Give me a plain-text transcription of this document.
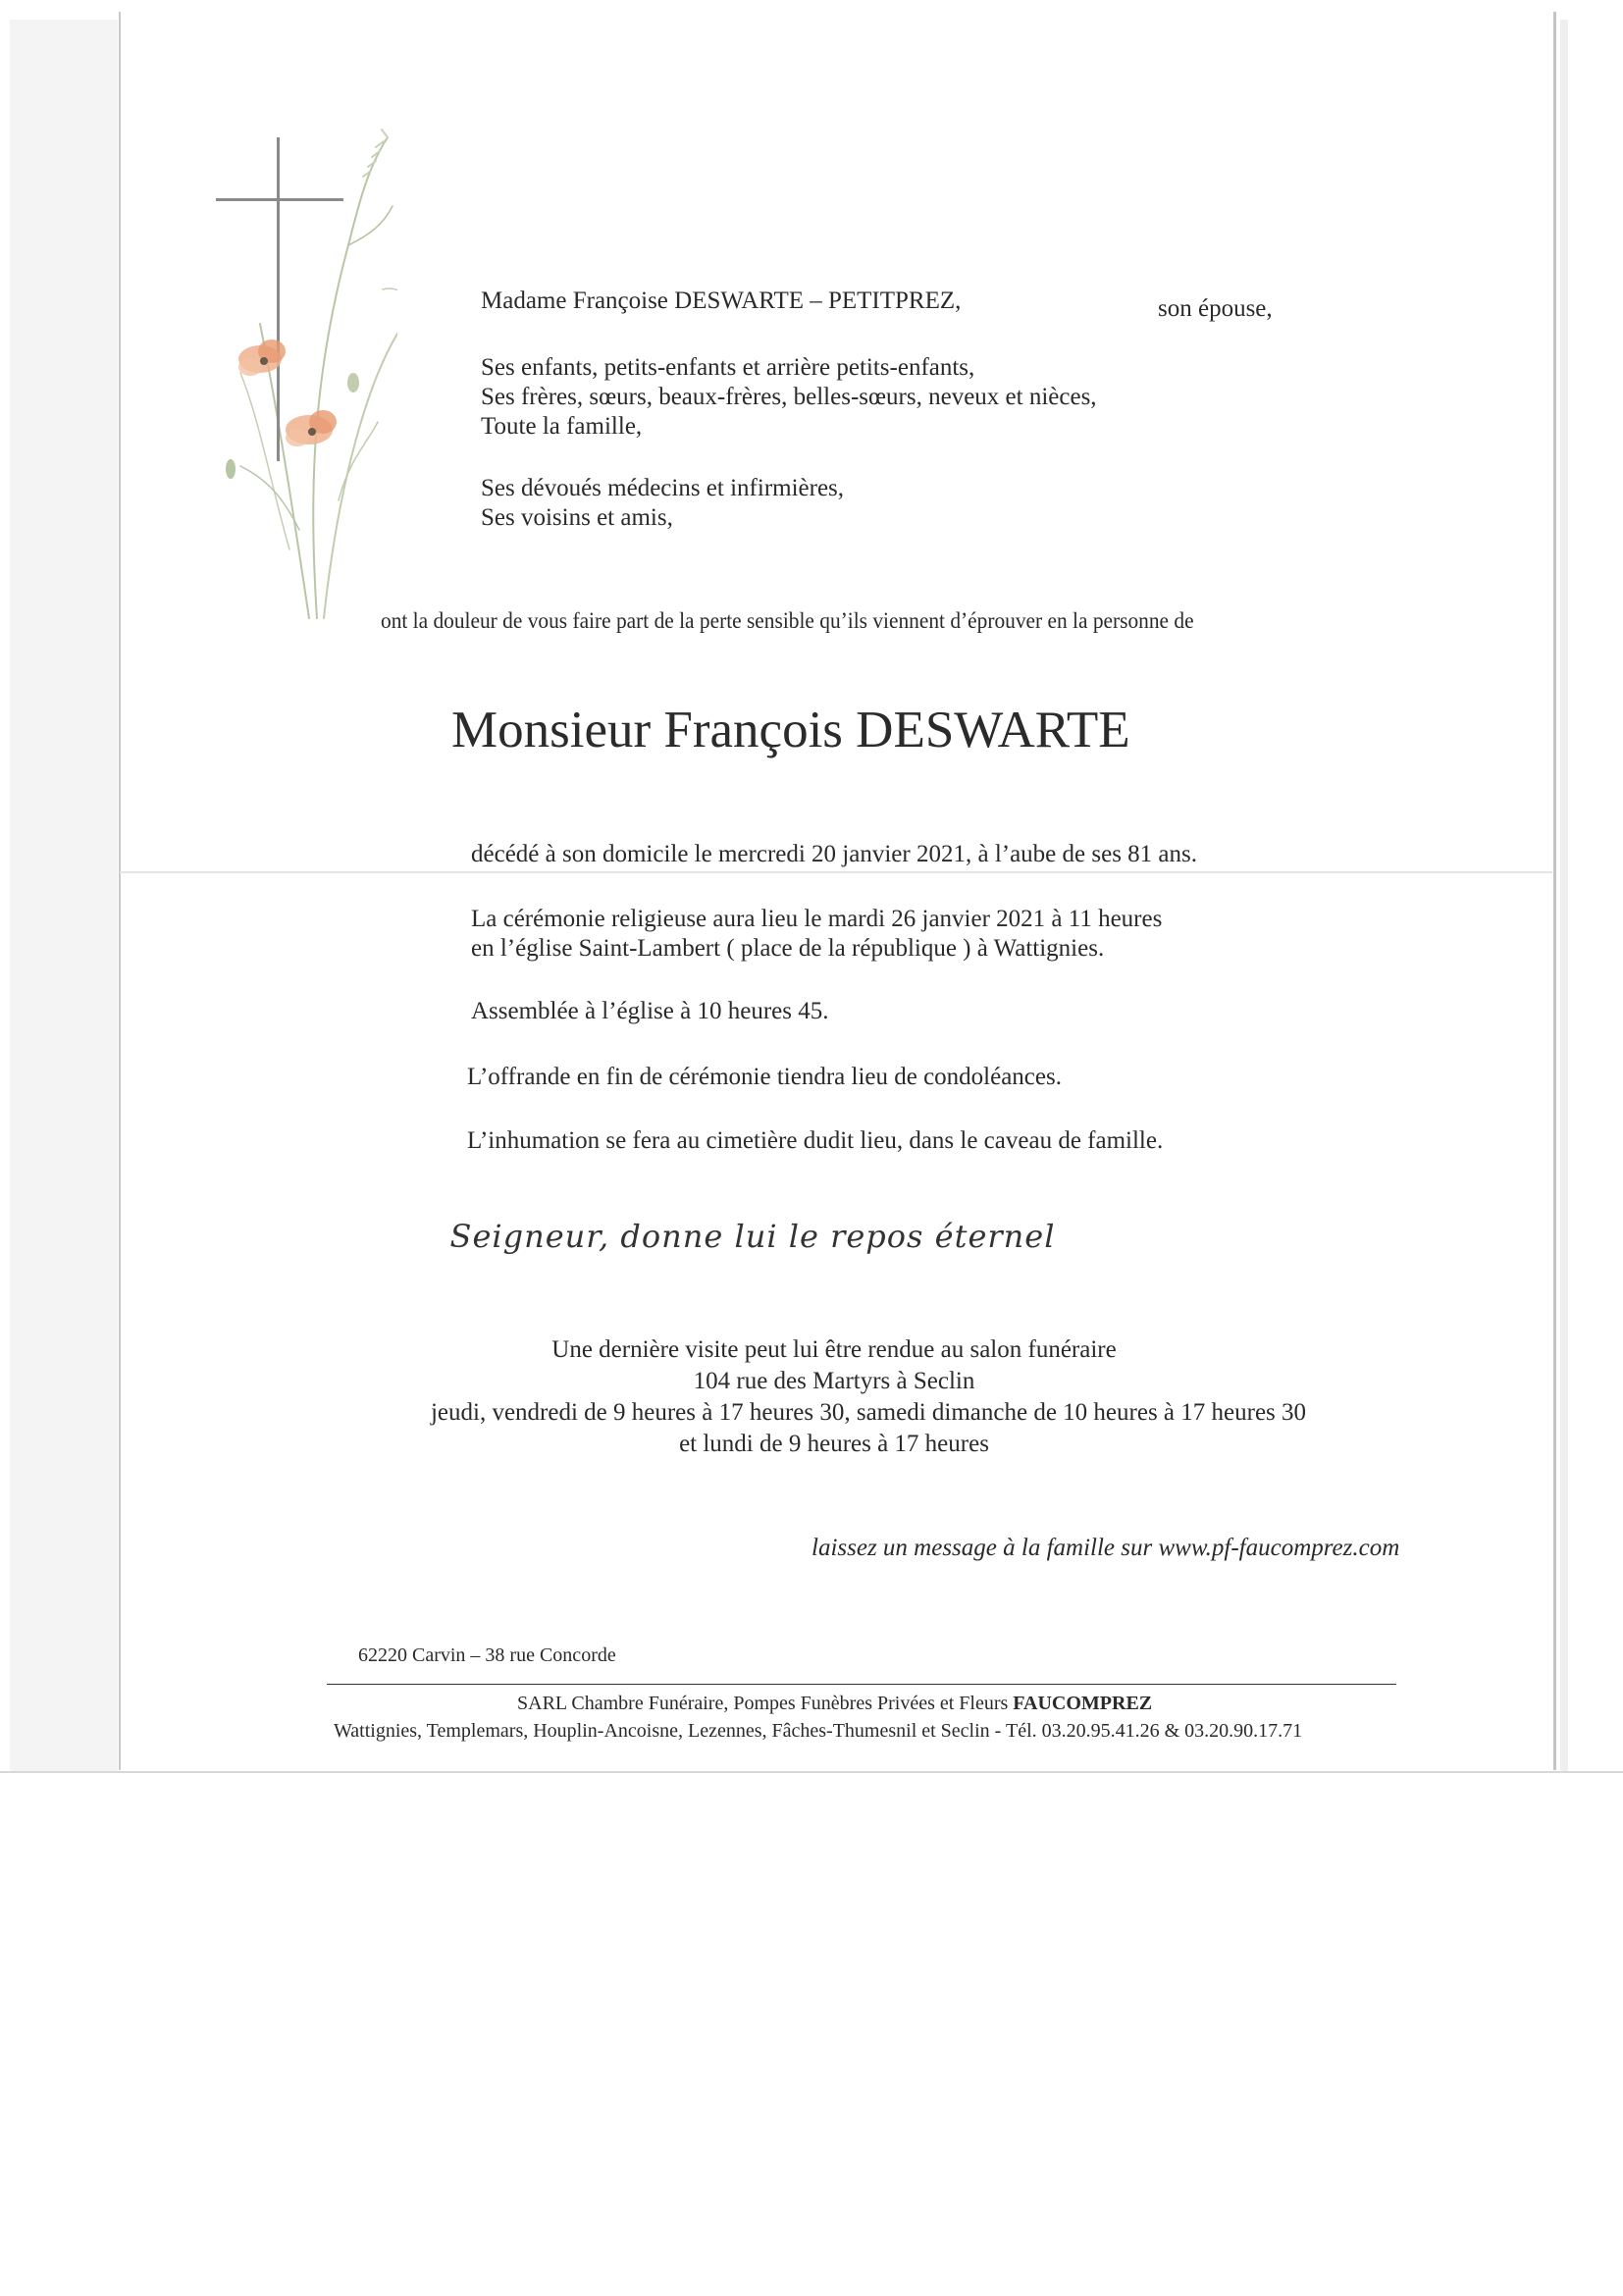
Madame Françoise DESWARTE – PETITPREZ,	son épouse,
Ses enfants, petits-enfants et arrière petits-enfants,
Ses frères, sœurs, beaux-frères, belles-sœurs, neveux et nièces,
Toute la famille,
Ses dévoués médecins et infirmières,
Ses voisins et amis,
ont la douleur de vous faire part de la perte sensible qu’ils viennent d’éprouver en la personne de
Monsieur François DESWARTE
décédé à son domicile le mercredi 20 janvier 2021, à l’aube de ses 81 ans.
La cérémonie religieuse aura lieu le mardi 26 janvier 2021 à 11 heures
en l’église Saint-Lambert ( place de la république ) à Wattignies.
Assemblée à l’église à 10 heures 45.
L’offrande en fin de cérémonie tiendra lieu de condoléances.
L’inhumation se fera au cimetière dudit lieu, dans le caveau de famille.
Seigneur, donne lui le repos éternel
Une dernière visite peut lui être rendue au salon funéraire
104 rue des Martyrs à Seclin
jeudi, vendredi de 9 heures à 17 heures 30, samedi dimanche de 10 heures à 17 heures 30
et lundi de 9 heures à 17 heures
laissez un message à la famille sur www.pf-faucomprez.com
62220 Carvin – 38 rue Concorde
SARL Chambre Funéraire, Pompes Funèbres Privées et Fleurs FAUCOMPREZ
Wattignies, Templemars, Houplin-Ancoisne, Lezennes, Fâches-Thumesnil et Seclin - Tél. 03.20.95.41.26 & 03.20.90.17.71
